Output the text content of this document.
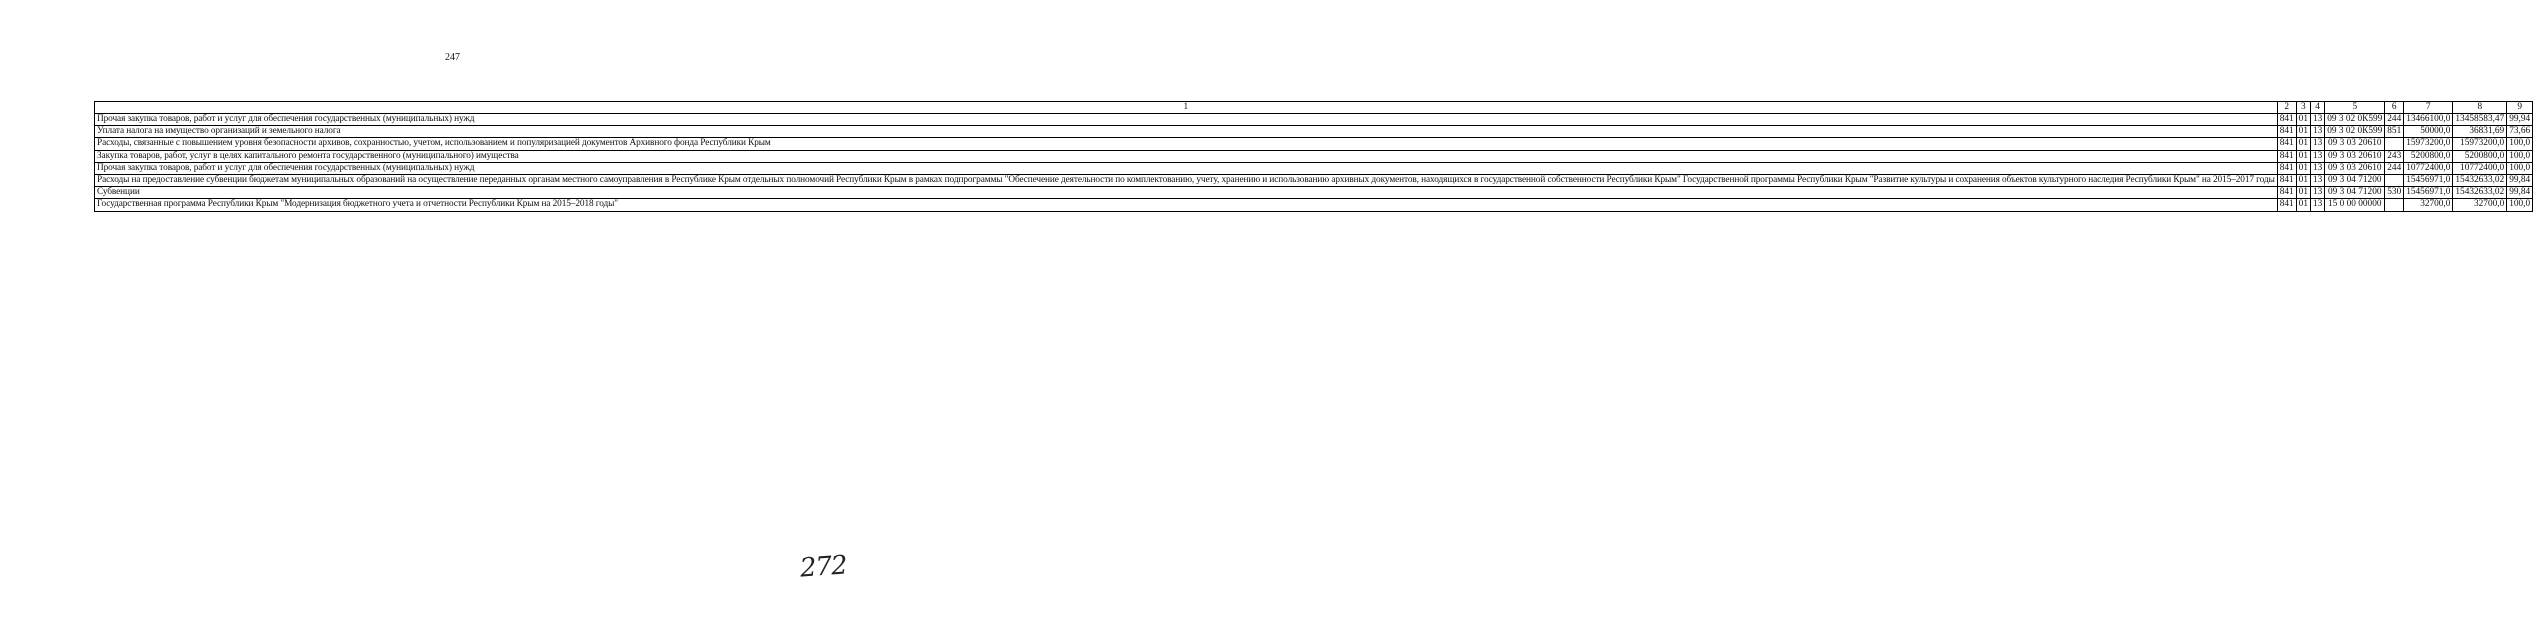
247
1	2	3	4	5	6	7	8	9
Прочая закупка товаров, работ и услуг для обеспечения государственных (муниципальных) нужд	841	01	13	09 3 02 0К599	244	13466100,0	13458583,47	99,94
Уплата налога на имущество организаций и земельного налога	841	01	13	09 3 02 0К599	851	50000,0	36831,69	73,66
Расходы, связанные с повышением уровня безопасности архивов, сохранностью, учетом, использованием и популяризацией документов Архивного фонда Республики Крым	841	01	13	09 3 03 20610		15973200,0	15973200,0	100,0
Закупка товаров, работ, услуг в целях капитального ремонта государственного (муниципального) имущества	841	01	13	09 3 03 20610	243	5200800,0	5200800,0	100,0
Прочая закупка товаров, работ и услуг для обеспечения государственных (муниципальных) нужд	841	01	13	09 3 03 20610	244	10772400,0	10772400,0	100,0
Расходы на предоставление субвенции бюджетам муниципальных образований на осуществление переданных органам местного самоуправления в Республике Крым отдельных полномочий Республики Крым в рамках подпрограммы "Обеспечение деятельности по комплектованию, учету, хранению и использованию архивных документов, находящихся в государственной собственности Республики Крым" Государственной программы Республики Крым "Развитие культуры и сохранения объектов культурного наследия Республики Крым" на 2015–2017 годы	841	01	13	09 3 04 71200		15456971,0	15432633,02	99,84
Субвенции	841	01	13	09 3 04 71200	530	15456971,0	15432633,02	99,84
Государственная программа Республики Крым "Модернизация бюджетного учета и отчетности Республики Крым на 2015–2018 годы"	841	01	13	15 0 00 00000		32700,0	32700,0	100,0
272
